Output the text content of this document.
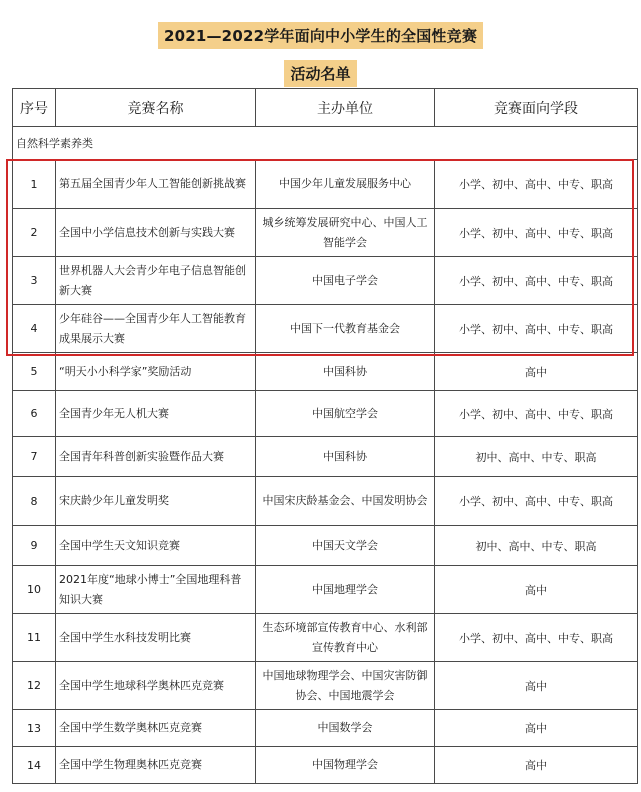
2021—2022学年面向中小学生的全国性竞赛
活动名单
序号	竞赛名称	主办单位	竞赛面向学段
自然科学素养类			
1	第五届全国青少年人工智能创新挑战赛	中国少年儿童发展服务中心	小学、初中、高中、中专、职高
2	全国中小学信息技术创新与实践大赛	城乡统筹发展研究中心、中国人工智能学会	小学、初中、高中、中专、职高
3	世界机器人大会青少年电子信息智能创新大赛	中国电子学会	小学、初中、高中、中专、职高
4	少年硅谷——全国青少年人工智能教育成果展示大赛	中国下一代教育基金会	小学、初中、高中、中专、职高
5	“明天小小科学家”奖励活动	中国科协	高中
6	全国青少年无人机大赛	中国航空学会	小学、初中、高中、中专、职高
7	全国青年科普创新实验暨作品大赛	中国科协	初中、高中、中专、职高
8	宋庆龄少年儿童发明奖	中国宋庆龄基金会、中国发明协会	小学、初中、高中、中专、职高
9	全国中学生天文知识竞赛	中国天文学会	初中、高中、中专、职高
10	2021年度“地球小博士”全国地理科普知识大赛	中国地理学会	高中
11	全国中学生水科技发明比赛	生态环境部宣传教育中心、水利部宣传教育中心	小学、初中、高中、中专、职高
12	全国中学生地球科学奥林匹克竞赛	中国地球物理学会、中国灾害防御协会、中国地震学会	高中
13	全国中学生数学奥林匹克竞赛	中国数学会	高中
14	全国中学生物理奥林匹克竞赛	中国物理学会	高中
